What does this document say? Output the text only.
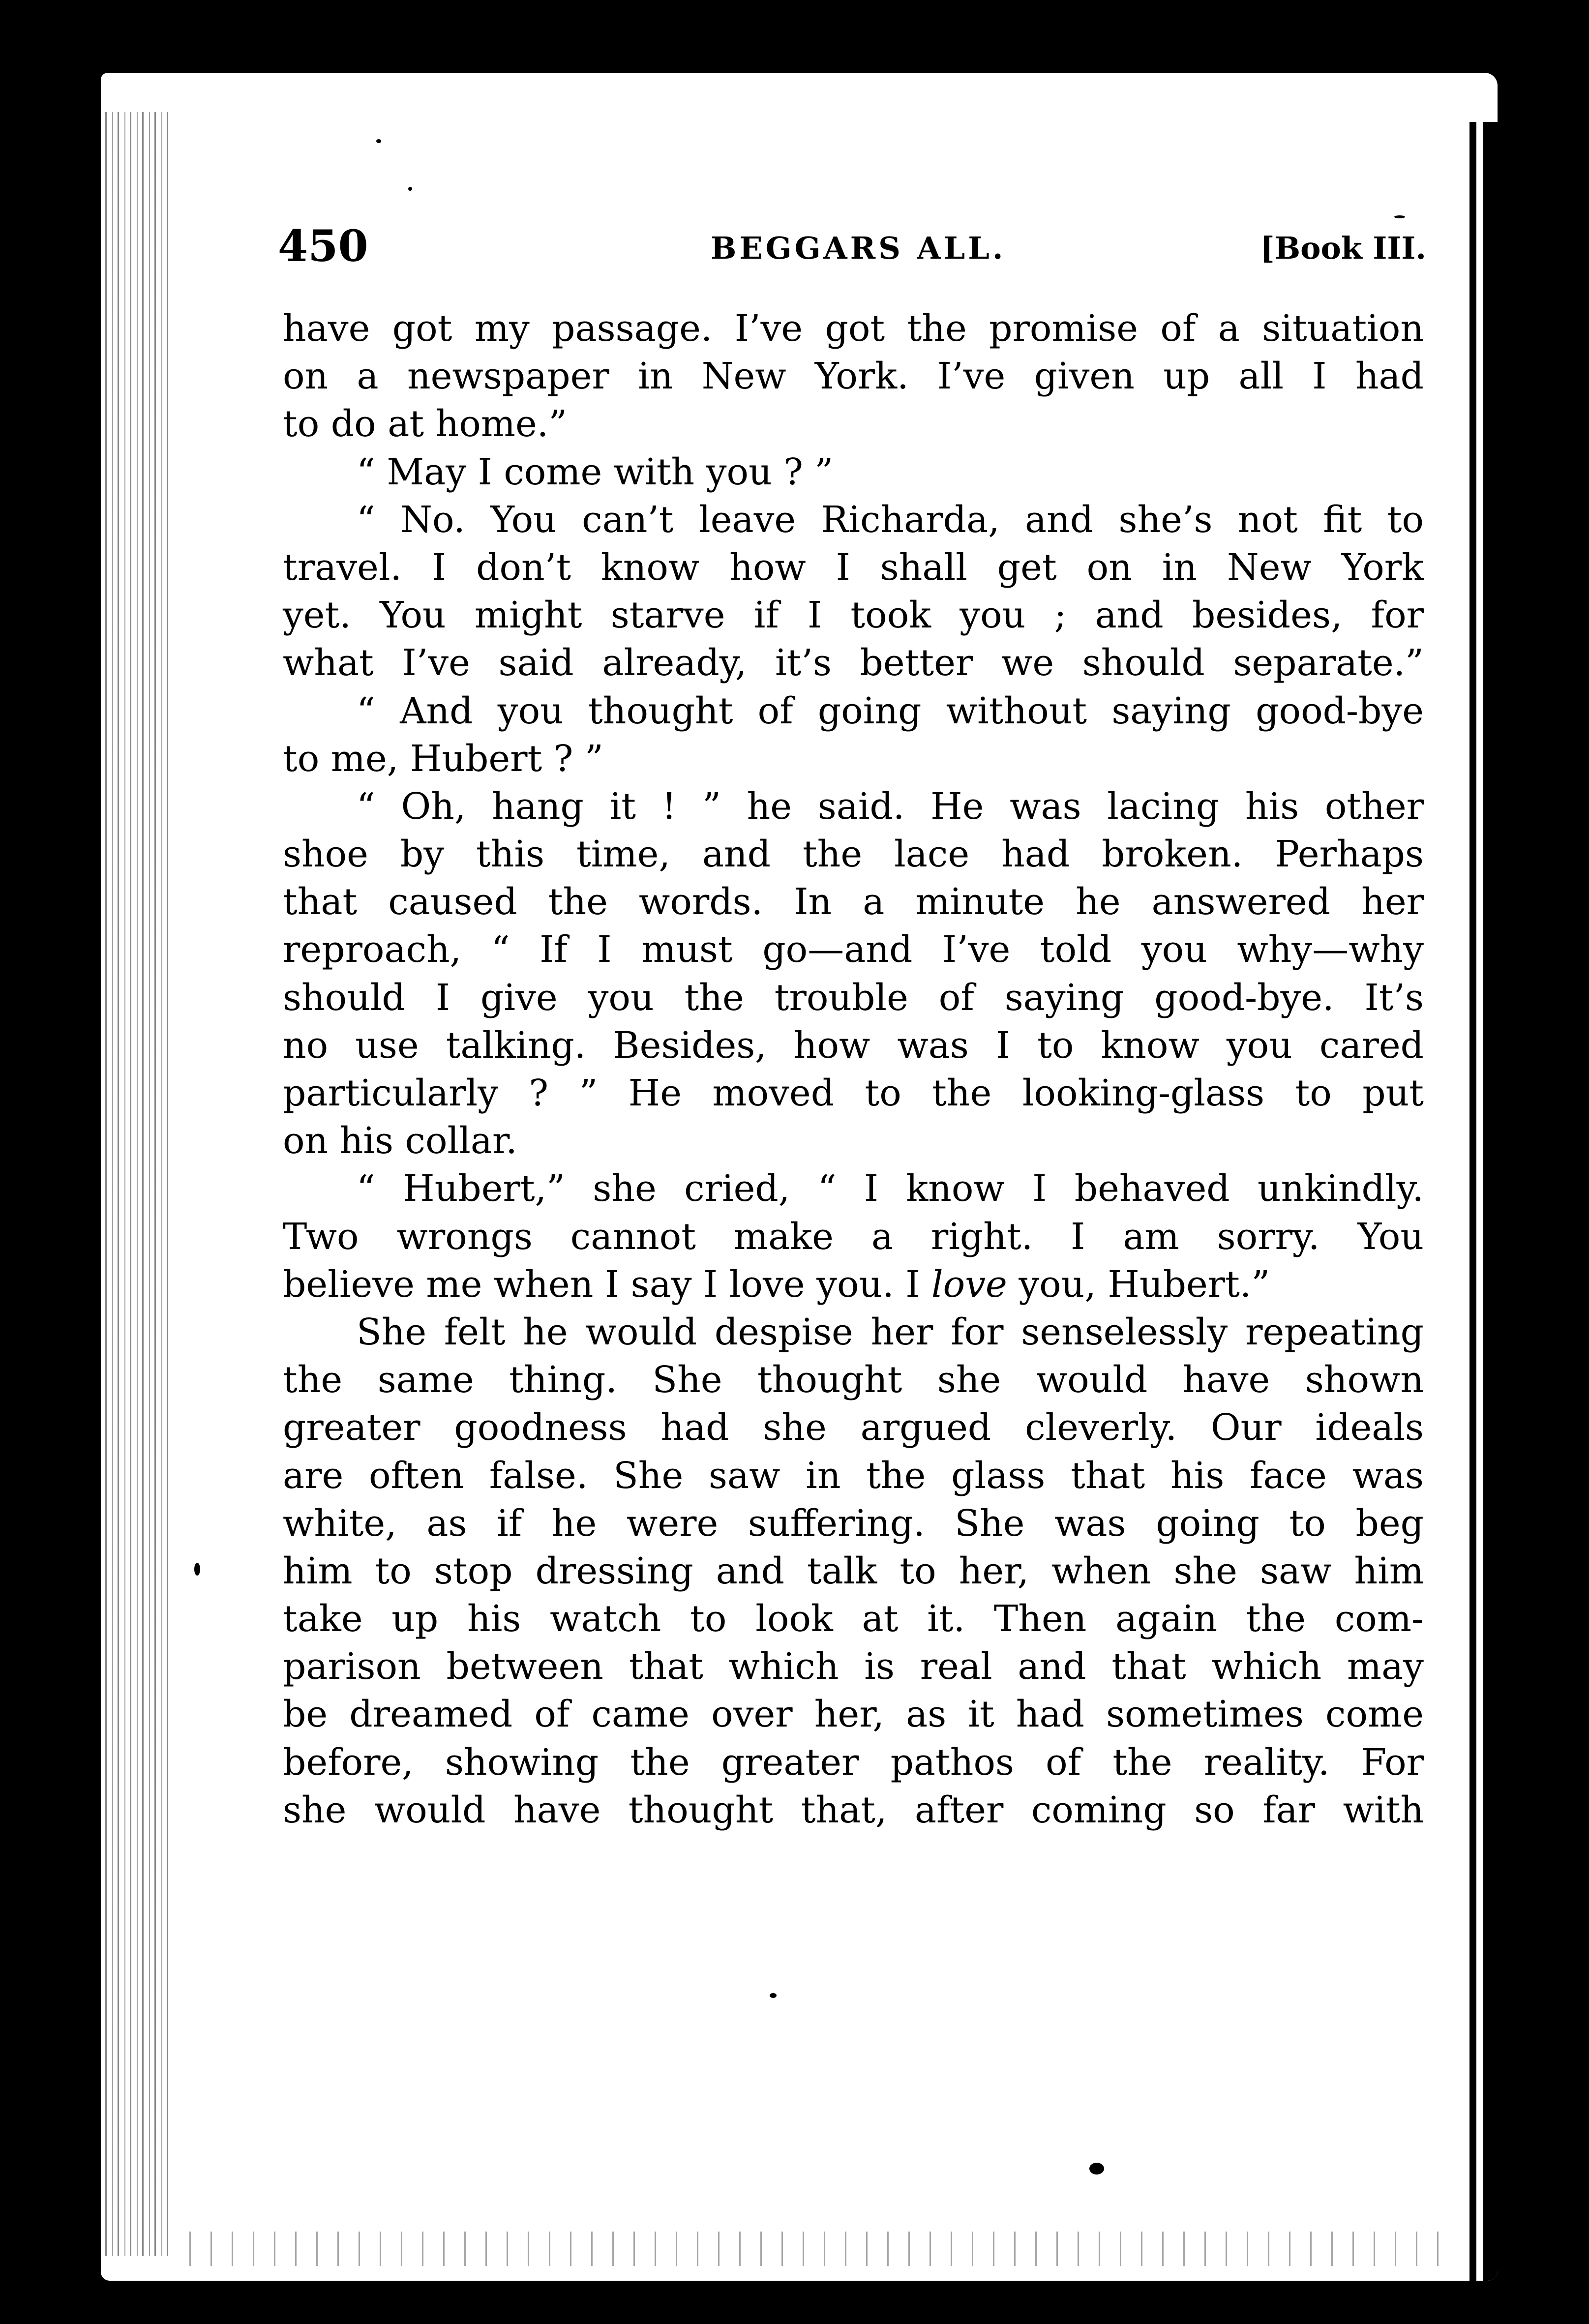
450	BEGGARS ALL.	[Book III.
have got my passage. I’ve got the promise of a situation
on a newspaper in New York. I’ve given up all I had
to do at home.”
“ May I come with you ? ”
“ No. You can’t leave Richarda, and she’s not fit to
travel. I don’t know how I shall get on in New York
yet. You might starve if I took you ; and besides, for
what I’ve said already, it’s better we should separate.”
“ And you thought of going without saying good-bye
to me, Hubert ? ”
“ Oh, hang it ! ” he said. He was lacing his other
shoe by this time, and the lace had broken. Perhaps
that caused the words. In a minute he answered her
reproach, “ If I must go—and I’ve told you why—why
should I give you the trouble of saying good-bye. It’s
no use talking. Besides, how was I to know you cared
particularly ? ” He moved to the looking-glass to put
on his collar.
“ Hubert,” she cried, “ I know I behaved unkindly.
Two wrongs cannot make a right. I am sorry. You
believe me when I say I love you. I love you, Hubert.”
She felt he would despise her for senselessly repeating
the same thing. She thought she would have shown
greater goodness had she argued cleverly. Our ideals
are often false. She saw in the glass that his face was
white, as if he were suffering. She was going to beg
him to stop dressing and talk to her, when she saw him
take up his watch to look at it. Then again the com-
parison between that which is real and that which may
be dreamed of came over her, as it had sometimes come
before, showing the greater pathos of the reality. For
she would have thought that, after coming so far with
